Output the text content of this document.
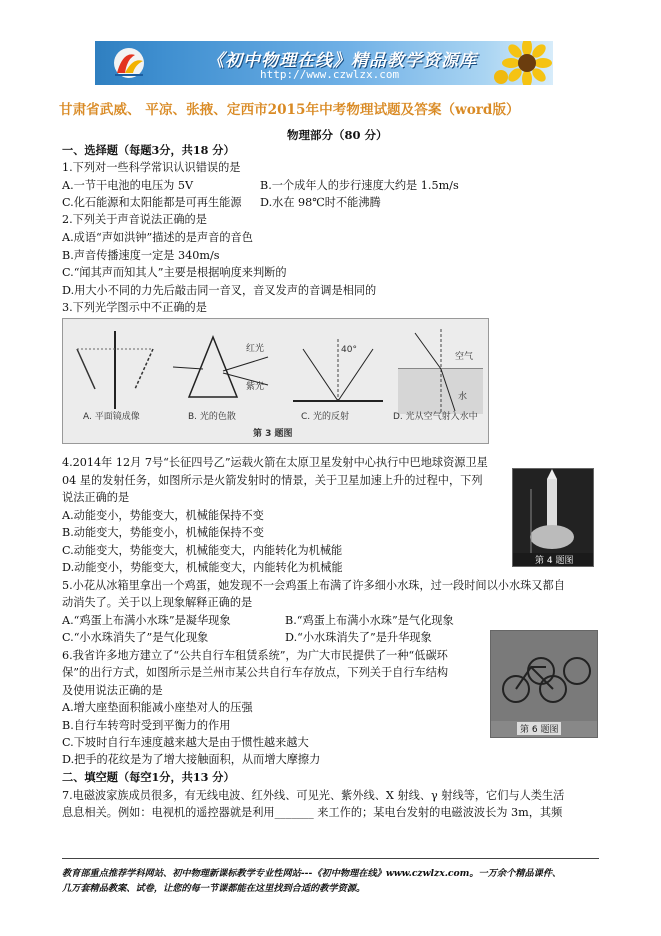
《初中物理在线》精品教学资源库
http://www.czwlzx.com
甘肃省武威、 平凉、张掖、定西市2015年中考物理试题及答案（word版）
物理部分（80 分）
一、选择题（每题3分，共18 分）
1.下列对一些科学常识认识错误的是
A.一节干电池的电压为 5V	B.一个成年人的步行速度大约是 1.5m/s
C.化石能源和太阳能都是可再生能源 D.水在 98℃时不能沸腾
2.下列关于声音说法正确的是
A.成语“声如洪钟”描述的是声音的音色
B.声音传播速度一定是 340m/s
C.“闻其声而知其人”主要是根据响度来判断的
D.用大小不同的力先后敲击同一音叉，音叉发声的音调是相同的
3.下列光学图示中不正确的是
红光
紫光
40°
空气
水
A. 平面镜成像	B. 光的色散	C. 光的反射	D. 光从空气射入水中
第 3 题图
4.2014年 12月 7号“长征四号乙”运载火箭在太原卫星发射中心执行中巴地球资源卫星
04 星的发射任务，如图所示是火箭发射时的情景，关于卫星加速上升的过程中，下列
说法正确的是
A.动能变小，势能变大，机械能保持不变
B.动能变大，势能变小，机械能保持不变
C.动能变大，势能变大，机械能变大，内能转化为机械能
D.动能变小，势能变大，机械能变大，内能转化为机械能	第 4 题图
5.小花从冰箱里拿出一个鸡蛋，她发现不一会鸡蛋上布满了许多细小水珠，过一段时间以小水珠又都自
动消失了。关于以上现象解释正确的是
A.“鸡蛋上布满小水珠”是凝华现象	B.“鸡蛋上布满小水珠”是气化现象
C.“小水珠消失了”是气化现象	D.“小水珠消失了”是升华现象
6.我省许多地方建立了“公共自行车租赁系统”，为广大市民提供了一种“低碳环
保”的出行方式，如图所示是兰州市某公共自行车存放点，下列关于自行车结构
及使用说法正确的是
A.增大座垫面积能减小座垫对人的压强
B.自行车转弯时受到平衡力的作用
C.下坡时自行车速度越来越大是由于惯性越来越大
D.把手的花纹是为了增大接触面积，从而增大摩擦力
第 6 题图
二、填空题（每空1分，共13 分）
7.电磁波家族成员很多，有无线电波、红外线、可见光、紫外线、X 射线、γ 射线等，它们与人类生活
息息相关。例如：电视机的遥控器就是利用_______ 来工作的；某电台发射的电磁波波长为 3m，其频
教育部重点推荐学科网站、初中物理新课标教学专业性网站---《初中物理在线》www.czwlzx.com。一万余个精品课件、
几万套精品教案、试卷，让您的每一节课都能在这里找到合适的教学资源。
